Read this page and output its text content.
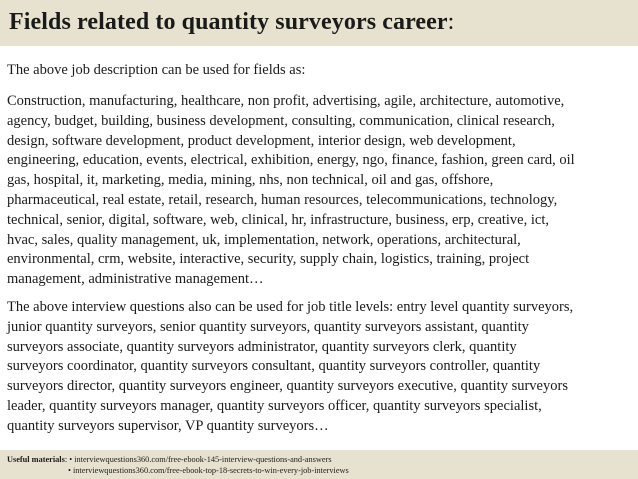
Fields related to quantity surveyors career:

The above job description can be used for fields as:

Construction, manufacturing, healthcare, non profit, advertising, agile, architecture, automotive,
agency, budget, building, business development, consulting, communication, clinical research,
design, software development, product development, interior design, web development,
engineering, education, events, electrical, exhibition, energy, ngo, finance, fashion, green card, oil
gas, hospital, it, marketing, media, mining, nhs, non technical, oil and gas, offshore,
pharmaceutical, real estate, retail, research, human resources, telecommunications, technology,
technical, senior, digital, software, web, clinical, hr, infrastructure, business, erp, creative, ict,
hvac, sales, quality management, uk, implementation, network, operations, architectural,
environmental, crm, website, interactive, security, supply chain, logistics, training, project
management, administrative management…

The above interview questions also can be used for job title levels: entry level quantity surveyors,
junior quantity surveyors, senior quantity surveyors, quantity surveyors assistant, quantity
surveyors associate, quantity surveyors administrator, quantity surveyors clerk, quantity
surveyors coordinator, quantity surveyors consultant, quantity surveyors controller, quantity
surveyors director, quantity surveyors engineer, quantity surveyors executive, quantity surveyors
leader, quantity surveyors manager, quantity surveyors officer, quantity surveyors specialist,
quantity surveyors supervisor, VP quantity surveyors…

Useful materials: • interviewquestions360.com/free-ebook-145-interview-questions-and-answers
• interviewquestions360.com/free-ebook-top-18-secrets-to-win-every-job-interviews
